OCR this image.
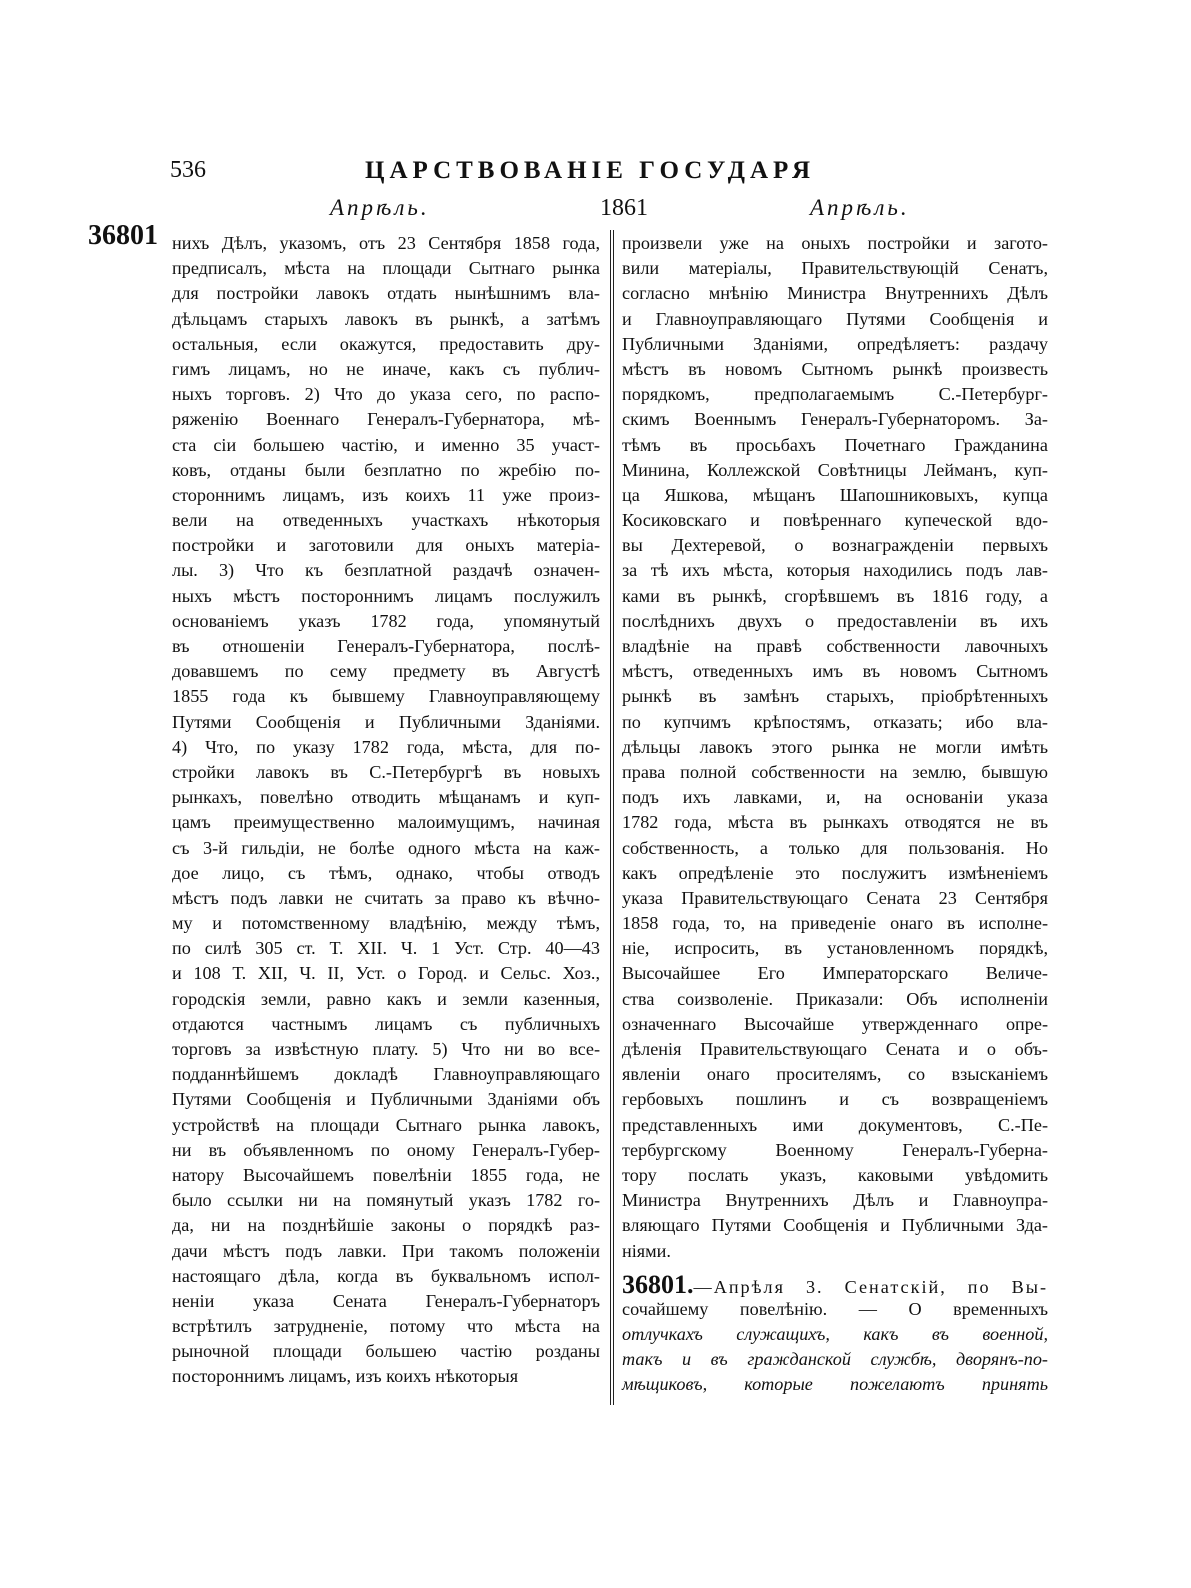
536	ЦАРСТВОВАНІЕ ГОСУДАРЯ
Апрѣль.	1861	Апрѣль.
36801 нихъ Дѣлъ, указомъ, отъ 23 Сентября 1858 года,
предписалъ, мѣста на площади Сытнаго рынка
для постройки лавокъ отдать нынѣшнимъ вла-
дѣльцамъ старыхъ лавокъ въ рынкѣ, а затѣмъ
остальныя, если окажутся, предоставить дру-
гимъ лицамъ, но не иначе, какъ съ публич-
ныхъ торговъ. 2) Что до указа сего, по распо-
ряженію Военнаго Генералъ-Губернатора, мѣ-
ста сіи большею частію, и именно 35 участ-
ковъ, отданы были безплатно по жребію по-
стороннимъ лицамъ, изъ коихъ 11 уже произ-
вели на отведенныхъ участкахъ нѣкоторыя
постройки и заготовили для оныхъ матеріа-
лы. 3) Что къ безплатной раздачѣ означен-
ныхъ мѣстъ постороннимъ лицамъ послужилъ
основаніемъ указъ 1782 года, упомянутый
въ отношеніи Генералъ-Губернатора, послѣ-
довавшемъ по сему предмету въ Августѣ
1855 года къ бывшему Главноуправляющему
Путями Сообщенія и Публичными Зданіями.
4) Что, по указу 1782 года, мѣста, для по-
стройки лавокъ въ С.-Петербургѣ въ новыхъ
рынкахъ, повелѣно отводить мѣщанамъ и куп-
цамъ преимущественно малоимущимъ, начиная
съ 3-й гильдіи, не болѣе одного мѣста на каж-
дое лицо, съ тѣмъ, однако, чтобы отводъ
мѣстъ подъ лавки не считать за право къ вѣчно-
му и потомственному владѣнію, между тѣмъ,
по силѣ 305 ст. Т. XII. Ч. 1 Уст. Стр. 40—43
и 108 Т. XII, Ч. II, Уст. о Город. и Сельс. Хоз.,
городскія земли, равно какъ и земли казенныя,
отдаются частнымъ лицамъ съ публичныхъ
торговъ за извѣстную плату. 5) Что ни во все-
подданнѣйшемъ докладѣ Главноуправляющаго
Путями Сообщенія и Публичными Зданіями объ
устройствѣ на площади Сытнаго рынка лавокъ,
ни въ объявленномъ по оному Генералъ-Губер-
натору Высочайшемъ повелѣніи 1855 года, не
было ссылки ни на помянутый указъ 1782 го-
да, ни на позднѣйшіе законы о порядкѣ раз-
дачи мѣстъ подъ лавки. При такомъ положеніи
настоящаго дѣла, когда въ буквальномъ испол-
неніи указа Сената Генералъ-Губернаторъ
встрѣтилъ затрудненіе, потому что мѣста на
рыночной площади большею частію розданы
постороннимъ лицамъ, изъ коихъ нѣкоторыя
произвели уже на оныхъ постройки и загото-
вили матеріалы, Правительствующій Сенатъ,
согласно мнѣнію Министра Внутреннихъ Дѣлъ
и Главноуправляющаго Путями Сообщенія и
Публичными Зданіями, опредѣляетъ: раздачу
мѣстъ въ новомъ Сытномъ рынкѣ произвесть
порядкомъ, предполагаемымъ С.-Петербург-
скимъ Военнымъ Генералъ-Губернаторомъ. За-
тѣмъ въ просьбахъ Почетнаго Гражданина
Минина, Коллежской Совѣтницы Лейманъ, куп-
ца Яшкова, мѣщанъ Шапошниковыхъ, купца
Косиковскаго и повѣреннаго купеческой вдо-
вы Дехтеревой, о вознагражденіи первыхъ
за тѣ ихъ мѣста, которыя находились подъ лав-
ками въ рынкѣ, сгорѣвшемъ въ 1816 году, а
послѣднихъ двухъ о предоставленіи въ ихъ
владѣніе на правѣ собственности лавочныхъ
мѣстъ, отведенныхъ имъ въ новомъ Сытномъ
рынкѣ въ замѣнъ старыхъ, пріобрѣтенныхъ
по купчимъ крѣпостямъ, отказать; ибо вла-
дѣльцы лавокъ этого рынка не могли имѣть
права полной собственности на землю, бывшую
подъ ихъ лавками, и, на основаніи указа
1782 года, мѣста въ рынкахъ отводятся не въ
собственность, а только для пользованія. Но
какъ опредѣленіе это послужитъ измѣненіемъ
указа Правительствующаго Сената 23 Сентября
1858 года, то, на приведеніе онаго въ исполне-
ніе, испросить, въ установленномъ порядкѣ,
Высочайшее Его Императорскаго Величе-
ства соизволеніе. Приказали: Объ исполненіи
означеннаго Высочайше утвержденнаго опре-
дѣленія Правительствующаго Сената и о объ-
явленіи онаго просителямъ, со взысканіемъ
гербовыхъ пошлинъ и съ возвращеніемъ
представленныхъ ими документовъ, С.-Пе-
тербургскому Военному Генералъ-Губерна-
тору послать указъ, каковыми увѣдомить
Министра Внутреннихъ Дѣлъ и Главноупра-
вляющаго Путями Сообщенія и Публичными Зда-
ніями.
36801.—Апрѣля 3. Сенатскій, по Вы-
сочайшему повелѣнію. — О временныхъ
отлучкахъ служащихъ, какъ въ военной,
такъ и въ гражданской службѣ, дворянъ-по-
мѣщиковъ, которые пожелаютъ принять
